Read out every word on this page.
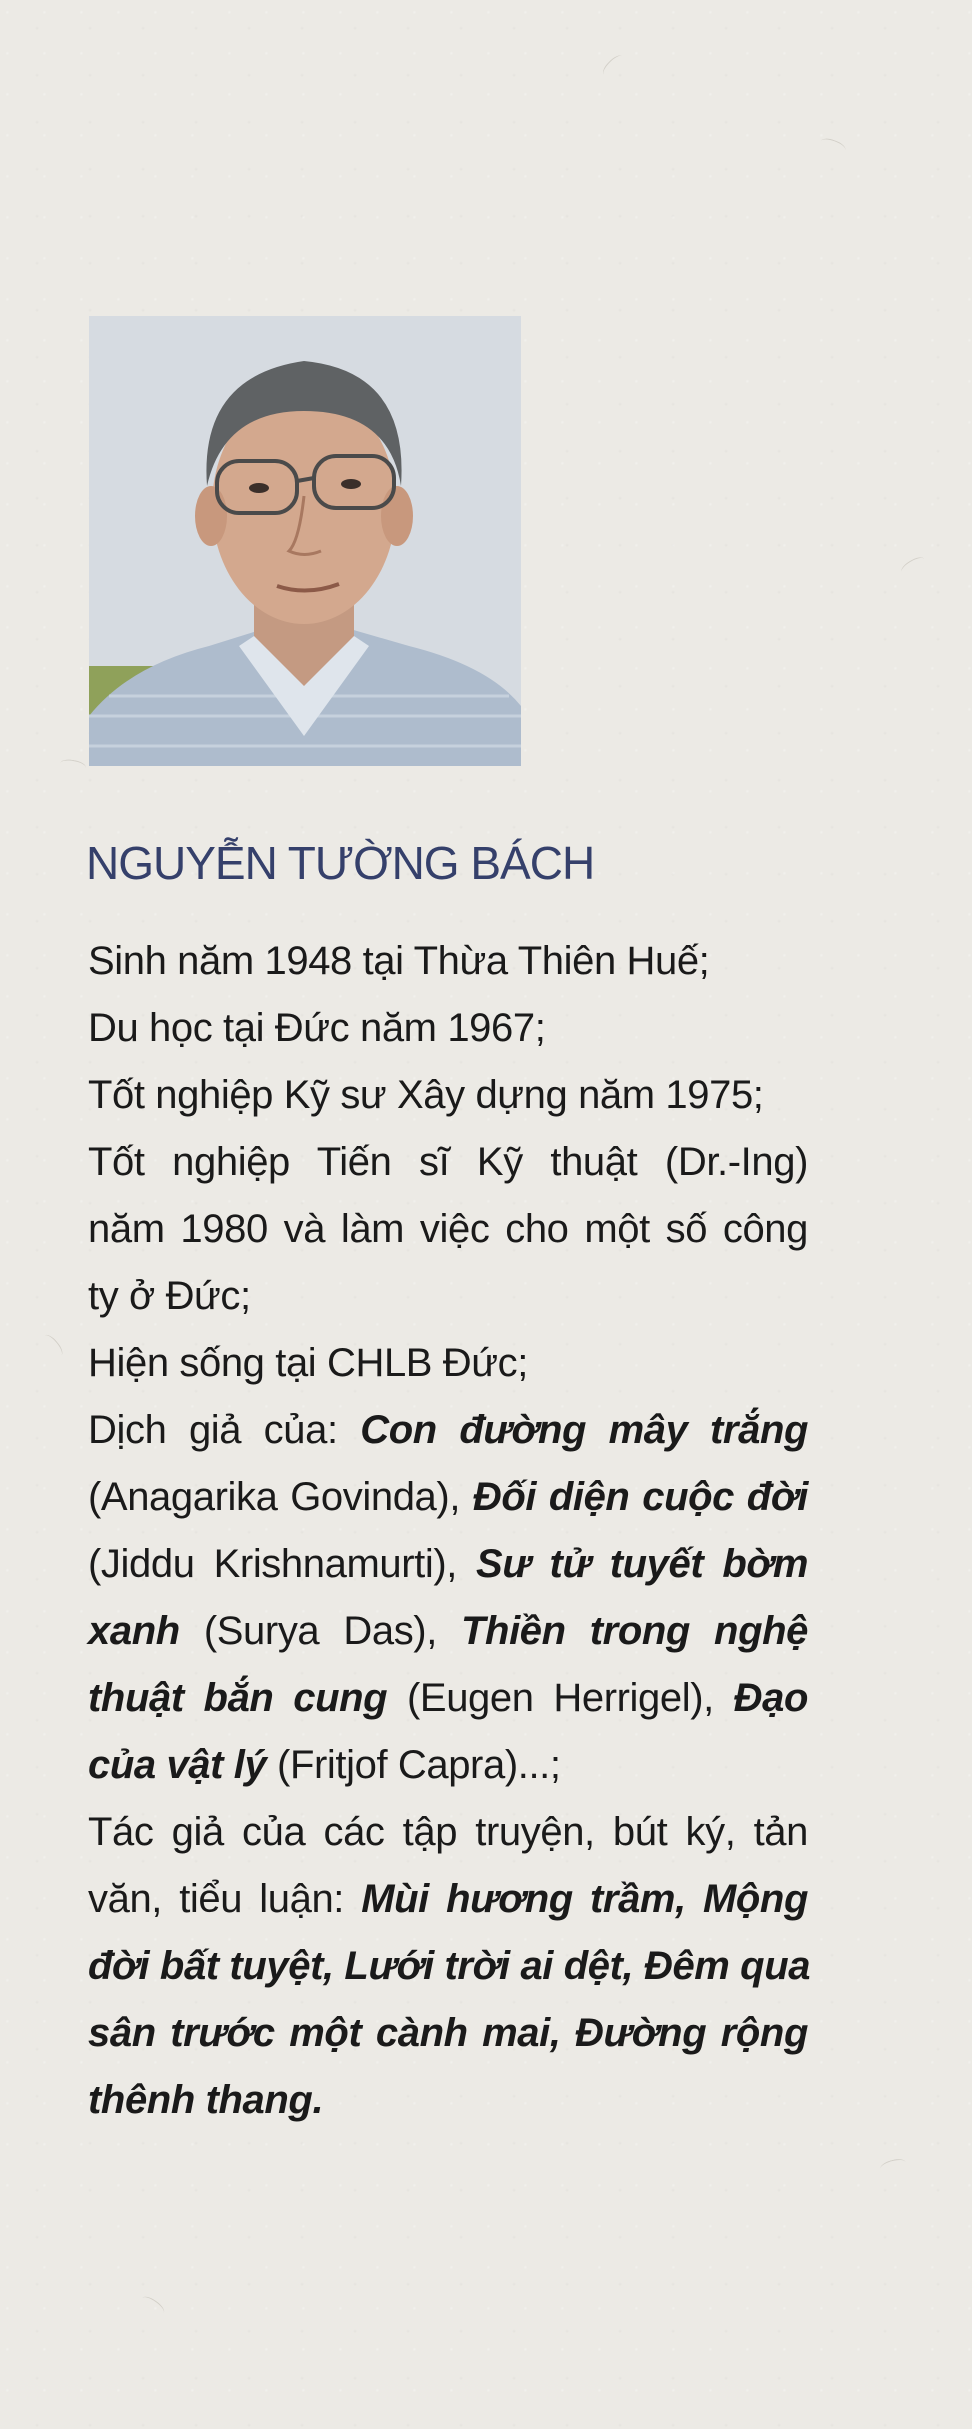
NGUYỄN TƯỜNG BÁCH
Sinh năm 1948 tại Thừa Thiên Huế;
Du học tại Đức năm 1967;
Tốt nghiệp Kỹ sư Xây dựng năm 1975;
Tốt nghiệp Tiến sĩ Kỹ thuật (Dr.-Ing)
năm 1980 và làm việc cho một số công
ty ở Đức;
Hiện sống tại CHLB Đức;
Dịch giả của: Con đường mây trắng
(Anagarika Govinda), Đối diện cuộc đời
(Jiddu Krishnamurti), Sư tử tuyết bờm
xanh (Surya Das), Thiền trong nghệ
thuật bắn cung (Eugen Herrigel), Đạo
của vật lý (Fritjof Capra)...;
Tác giả của các tập truyện, bút ký, tản
văn, tiểu luận: Mùi hương trầm, Mộng
đời bất tuyệt, Lưới trời ai dệt, Đêm qua
sân trước một cành mai, Đường rộng
thênh thang.
